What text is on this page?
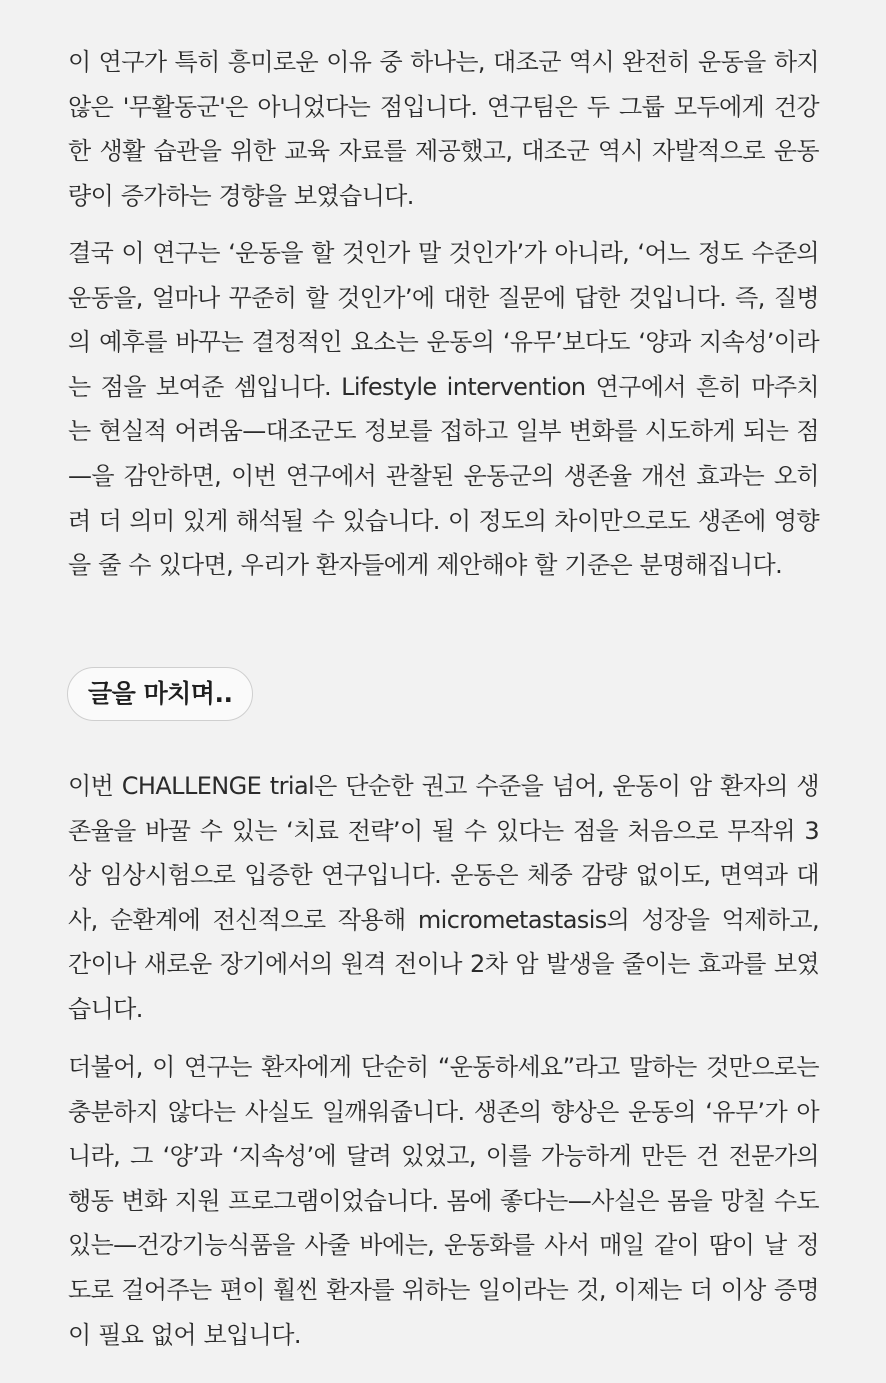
이 연구가 특히 흥미로운 이유 중 하나는, 대조군 역시 완전히 운동을 하지 않은 '무활동군'은 아니었다는 점입니다. 연구팀은 두 그룹 모두에게 건강한 생활 습관을 위한 교육 자료를 제공했고, 대조군 역시 자발적으로 운동량이 증가하는 경향을 보였습니다.

결국 이 연구는 ‘운동을 할 것인가 말 것인가’가 아니라, ‘어느 정도 수준의 운동을, 얼마나 꾸준히 할 것인가’에 대한 질문에 답한 것입니다. 즉, 질병의 예후를 바꾸는 결정적인 요소는 운동의 ‘유무’보다도 ‘양과 지속성’이라는 점을 보여준 셈입니다. Lifestyle intervention 연구에서 흔히 마주치는 현실적 어려움—대조군도 정보를 접하고 일부 변화를 시도하게 되는 점—을 감안하면, 이번 연구에서 관찰된 운동군의 생존율 개선 효과는 오히려 더 의미 있게 해석될 수 있습니다. 이 정도의 차이만으로도 생존에 영향을 줄 수 있다면, 우리가 환자들에게 제안해야 할 기준은 분명해집니다.

글을 마치며..

이번 CHALLENGE trial은 단순한 권고 수준을 넘어, 운동이 암 환자의 생존율을 바꿀 수 있는 ‘치료 전략’이 될 수 있다는 점을 처음으로 무작위 3상 임상시험으로 입증한 연구입니다. 운동은 체중 감량 없이도, 면역과 대사, 순환계에 전신적으로 작용해 micrometastasis의 성장을 억제하고, 간이나 새로운 장기에서의 원격 전이나 2차 암 발생을 줄이는 효과를 보였습니다.

더불어, 이 연구는 환자에게 단순히 “운동하세요”라고 말하는 것만으로는 충분하지 않다는 사실도 일깨워줍니다. 생존의 향상은 운동의 ‘유무’가 아니라, 그 ‘양’과 ‘지속성’에 달려 있었고, 이를 가능하게 만든 건 전문가의 행동 변화 지원 프로그램이었습니다. 몸에 좋다는—사실은 몸을 망칠 수도 있는—건강기능식품을 사줄 바에는, 운동화를 사서 매일 같이 땀이 날 정도로 걸어주는 편이 훨씬 환자를 위하는 일이라는 것, 이제는 더 이상 증명이 필요 없어 보입니다.
